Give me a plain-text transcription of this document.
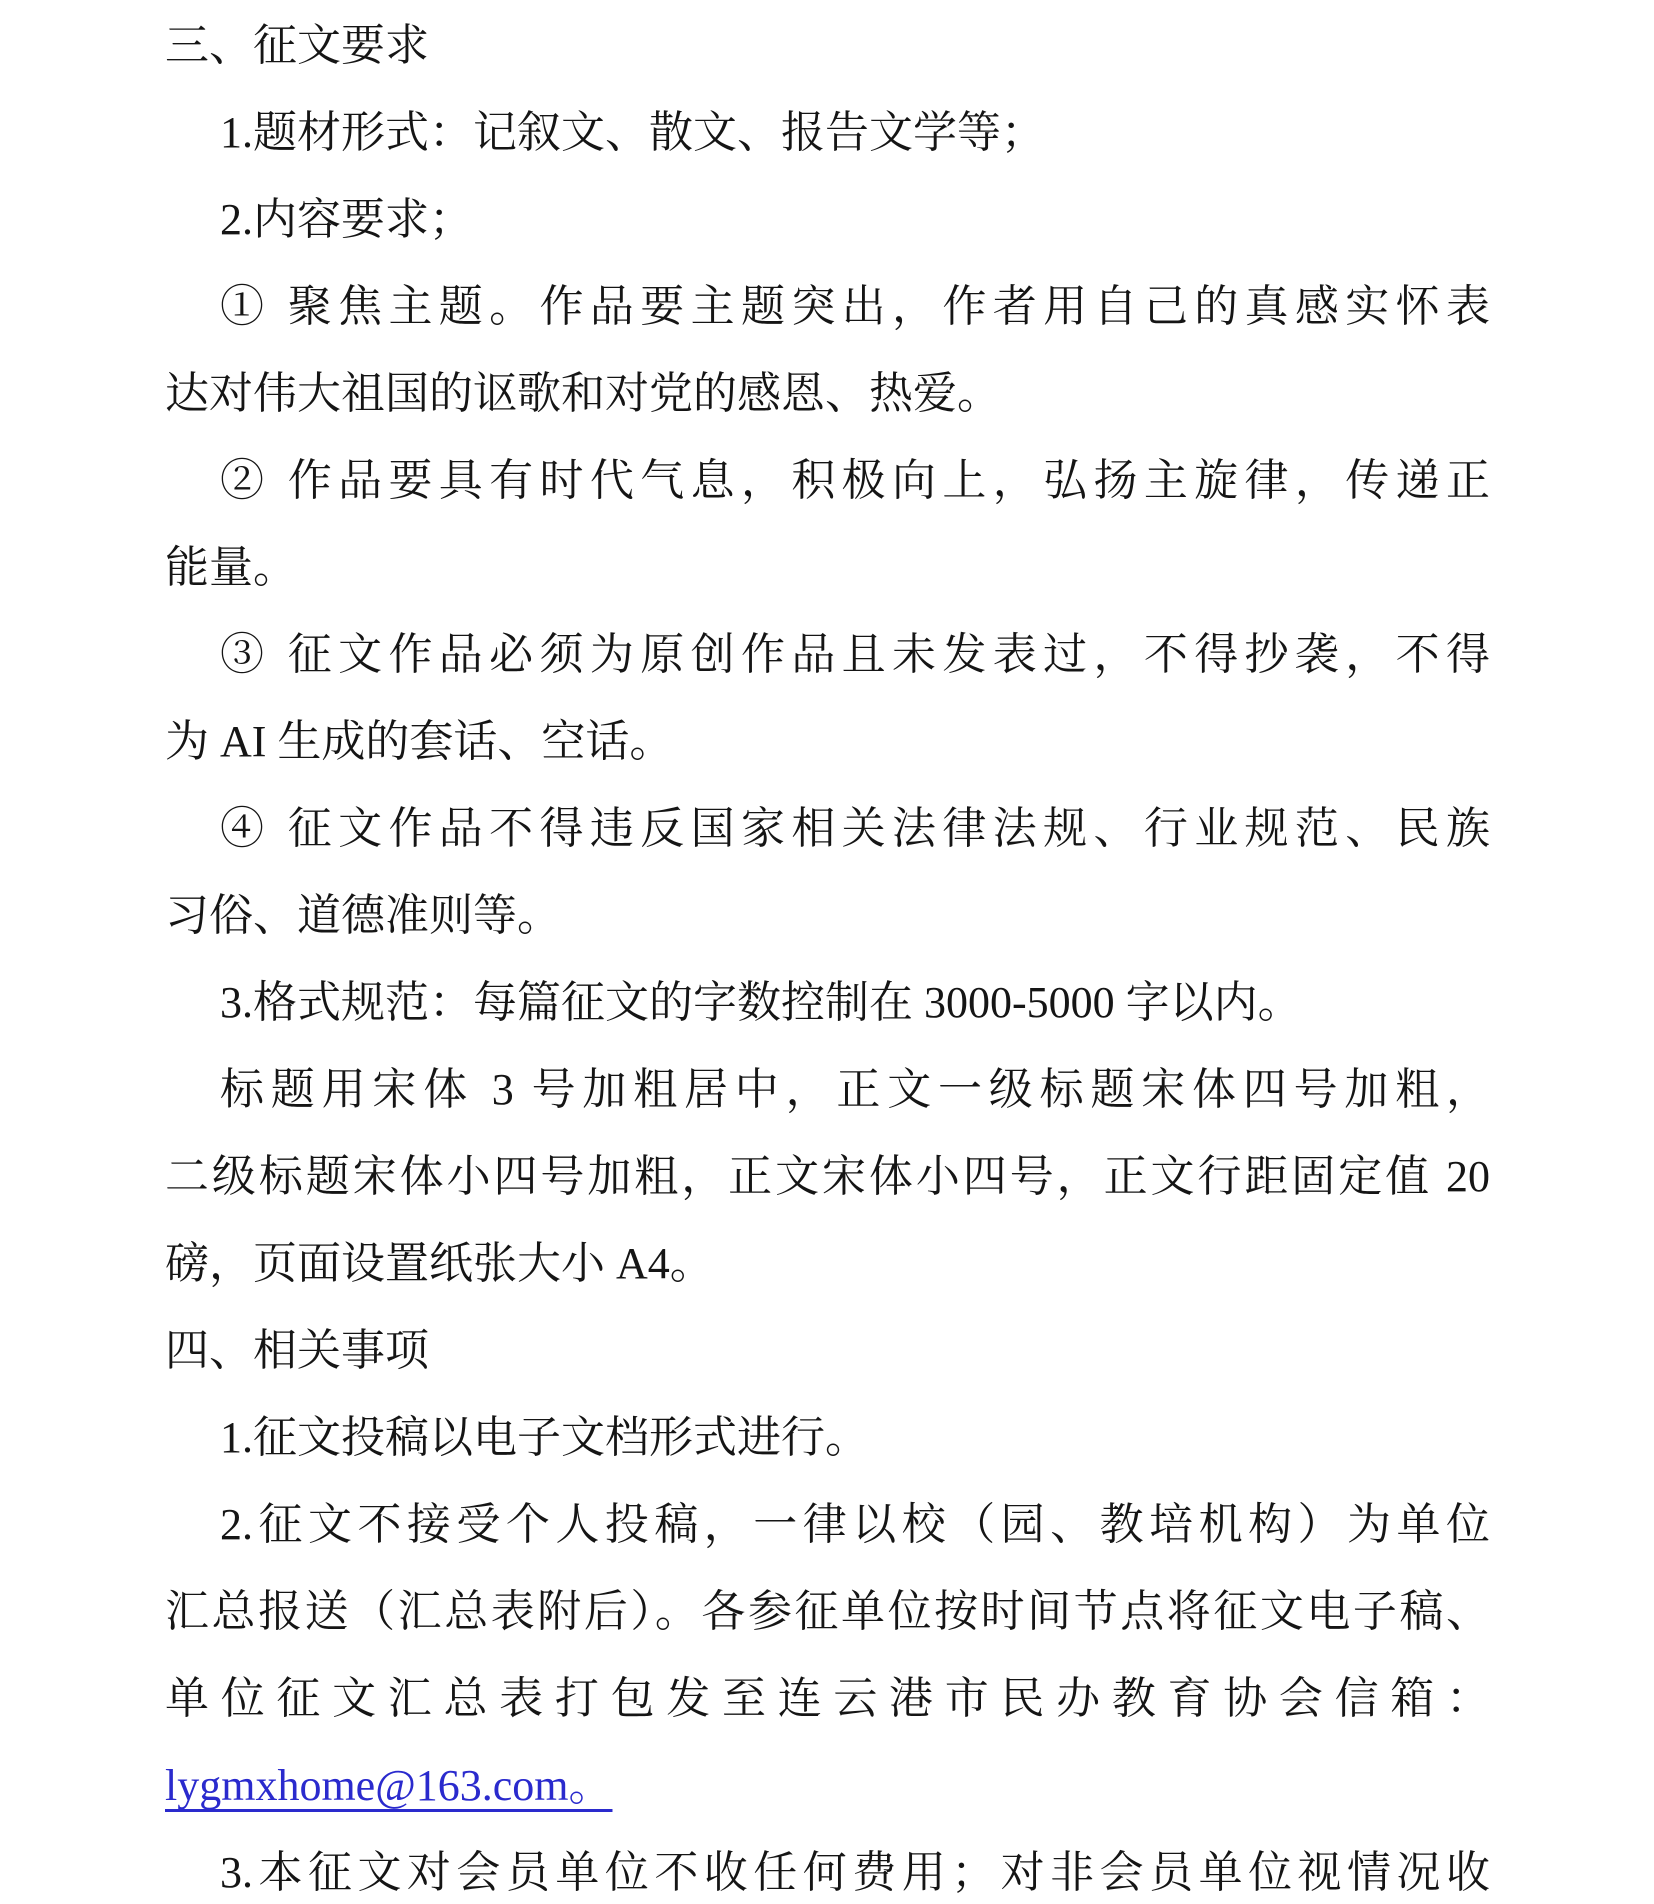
三、征文要求
1.题材形式：记叙文、散文、报告文学等；
2.内容要求；
① 聚焦主题。作品要主题突出，作者用自己的真感实怀表
达对伟大祖国的讴歌和对党的感恩、热爱。
② 作品要具有时代气息，积极向上，弘扬主旋律，传递正
能量。
③ 征文作品必须为原创作品且未发表过，不得抄袭，不得
为 AI 生成的套话、空话。
④ 征文作品不得违反国家相关法律法规、行业规范、民族
习俗、道德准则等。
3.格式规范：每篇征文的字数控制在 3000-5000 字以内。
标题用宋体 3 号加粗居中，正文一级标题宋体四号加粗，
二级标题宋体小四号加粗，正文宋体小四号，正文行距固定值 20
磅，页面设置纸张大小 A4。
四、相关事项
1.征文投稿以电子文档形式进行。
2.征文不接受个人投稿，一律以校（园、教培机构）为单位
汇总报送（汇总表附后）。各参征单位按时间节点将征文电子稿、
单位征文汇总表打包发至连云港市民办教育协会信箱：
lygmxhome@163.com。
3.本征文对会员单位不收任何费用；对非会员单位视情况收
